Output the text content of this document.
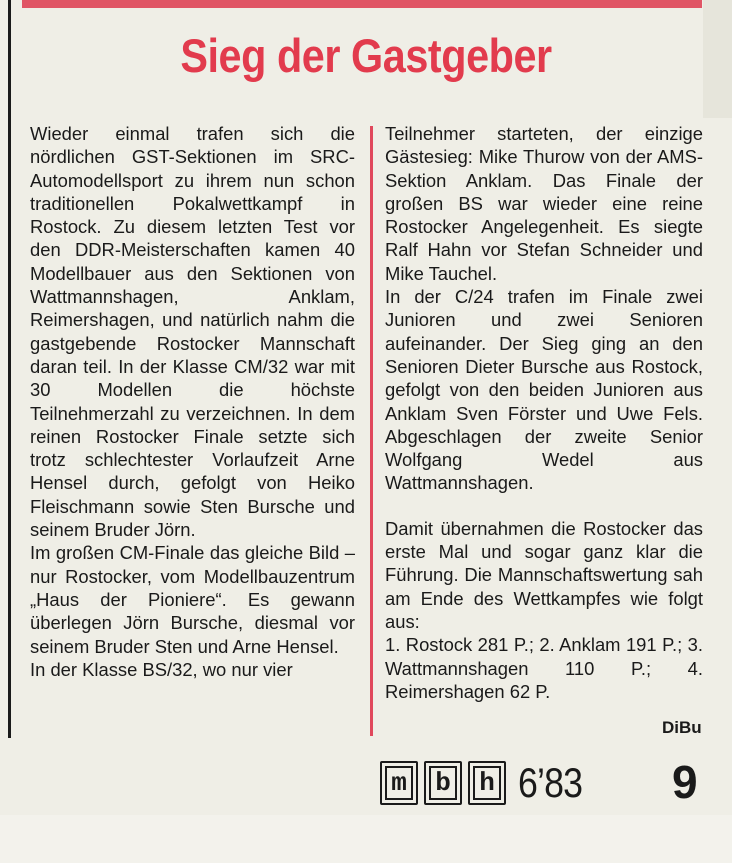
Sieg der Gastgeber

Wieder einmal trafen sich die nördlichen GST-Sektionen im SRC-Automodellsport zu ihrem nun schon traditionellen Pokalwettkampf in Rostock. Zu diesem letzten Test vor den DDR-Meisterschaften kamen 40 Modellbauer aus den Sektionen von Wattmannshagen, Anklam, Reimershagen, und natürlich nahm die gastgebende Rostocker Mannschaft daran teil. In der Klasse CM/32 war mit 30 Modellen die höchste Teilnehmerzahl zu verzeichnen. In dem reinen Rostocker Finale setzte sich trotz schlechtester Vorlaufzeit Arne Hensel durch, gefolgt von Heiko Fleischmann sowie Sten Bursche und seinem Bruder Jörn.

Im großen CM-Finale das gleiche Bild – nur Rostocker, vom Modellbauzentrum „Haus der Pioniere“. Es gewann überlegen Jörn Bursche, diesmal vor seinem Bruder Sten und Arne Hensel.

In der Klasse BS/32, wo nur vier

Teilnehmer starteten, der einzige Gästesieg: Mike Thurow von der AMS-Sektion Anklam. Das Finale der großen BS war wieder eine reine Rostocker Angelegenheit. Es siegte Ralf Hahn vor Stefan Schneider und Mike Tauchel.

In der C/24 trafen im Finale zwei Junioren und zwei Senioren aufeinander. Der Sieg ging an den Senioren Dieter Bursche aus Rostock, gefolgt von den beiden Junioren aus Anklam Sven Förster und Uwe Fels. Abgeschlagen der zweite Senior Wolfgang Wedel aus Wattmannshagen.

Damit übernahmen die Rostocker das erste Mal und sogar ganz klar die Führung. Die Mannschaftswertung sah am Ende des Wettkampfes wie folgt aus:

1. Rostock 281 P.; 2. Anklam 191 P.; 3. Wattmannshagen 110 P.; 4. Reimershagen 62 P.

DiBu
m	b	h 6’83 9
